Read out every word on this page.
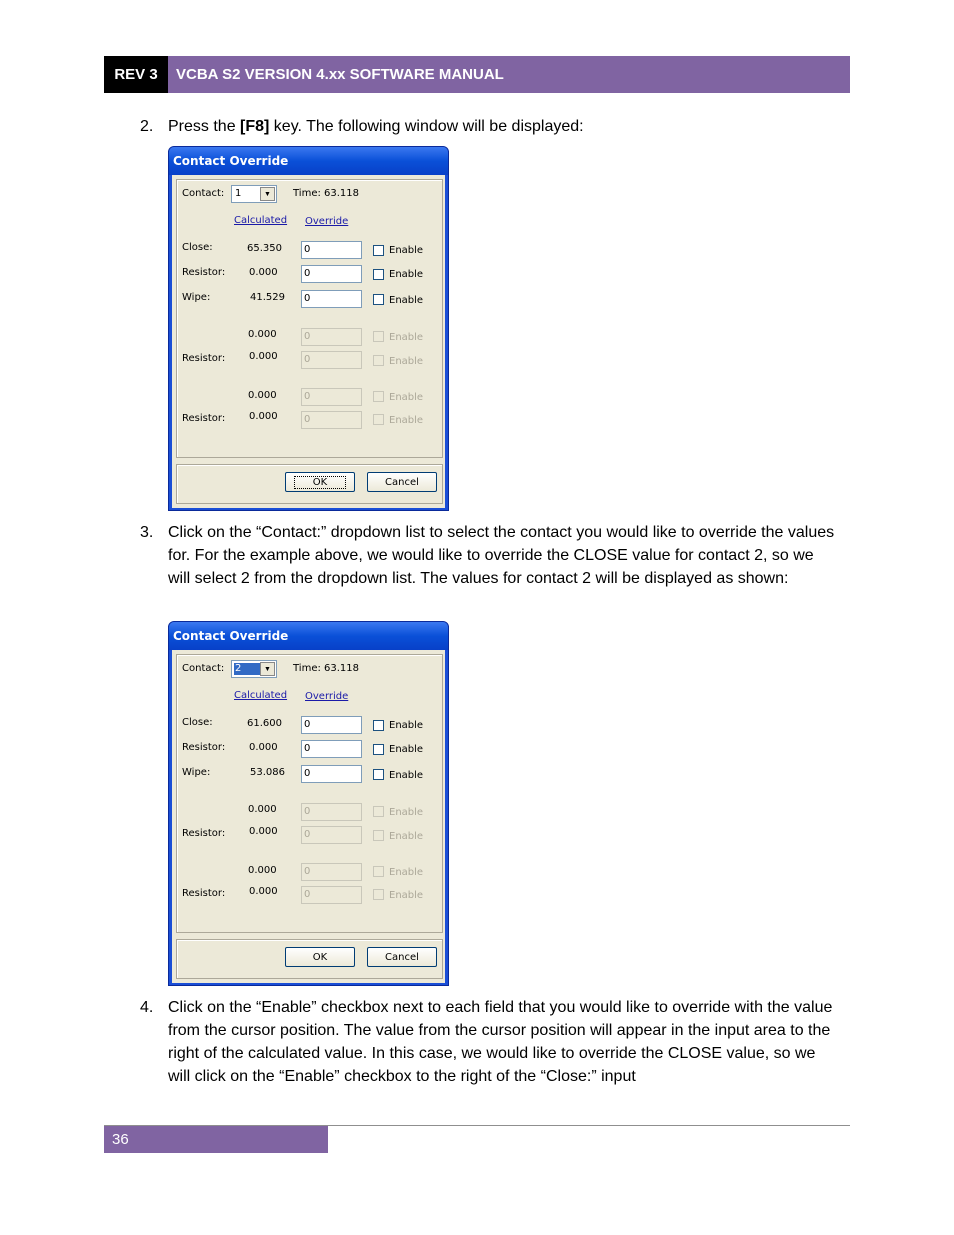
REV 3	VCBA S2 VERSION 4.xx SOFTWARE MANUAL
2. Press the [F8] key. The following window will be displayed:
Contact Override
Contact: 1	▼	Time: 63.118
Calculated Override
Close:	65.350	0	Enable
Resistor: 0.000	0	Enable
Wipe:	41.529	0	Enable
0.000	0	Enable
Resistor: 0.000	0	Enable
0.000	0	Enable
Resistor: 0.000	0	Enable
OK	Cancel
3. Click on the “Contact:” dropdown list to select the contact you would like to override the values for. For the example above, we would like to override the CLOSE value for contact 2, so we will select 2 from the dropdown list. The values for contact 2 will be displayed as shown:
Contact Override
Contact: 2	▼	Time: 63.118
Calculated Override
Close:	61.600	0	Enable
Resistor: 0.000	0	Enable
Wipe:	53.086	0	Enable
0.000	0	Enable
Resistor: 0.000	0	Enable
0.000	0	Enable
Resistor: 0.000	0	Enable
OK	Cancel
4. Click on the “Enable” checkbox next to each field that you would like to override with the value from the cursor position. The value from the cursor position will appear in the input area to the right of the calculated value. In this case, we would like to override the CLOSE value, so we will click on the “Enable” checkbox to the right of the “Close:” input
36
